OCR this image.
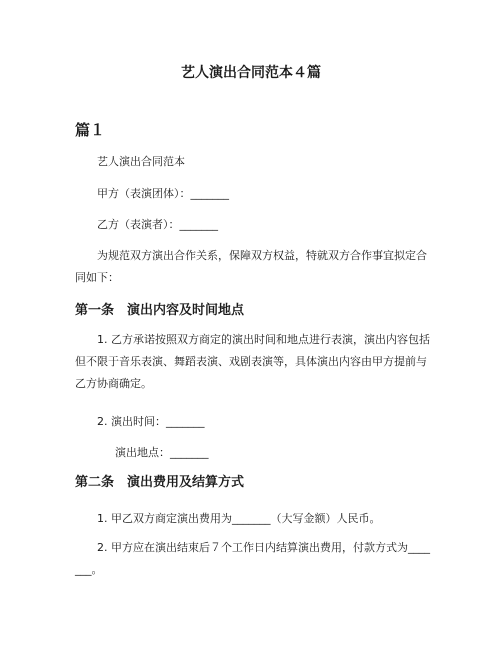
艺人演出合同范本４篇
篇１

艺人演出合同范本

甲方（表演团体）：_______

乙方（表演者）：_______

为规范双方演出合作关系，保障双方权益，特就双方合作事宜拟定合同如下：

第一条　演出内容及时间地点

1. 乙方承诺按照双方商定的演出时间和地点进行表演，演出内容包括但不限于音乐表演、舞蹈表演、戏剧表演等，具体演出内容由甲方提前与乙方协商确定。

2. 演出时间：_______

演出地点：_______

第二条　演出费用及结算方式

1. 甲乙双方商定演出费用为_______（大写金额）人民币。

2. 甲方应在演出结束后７个工作日内结算演出费用，付款方式为_______。
